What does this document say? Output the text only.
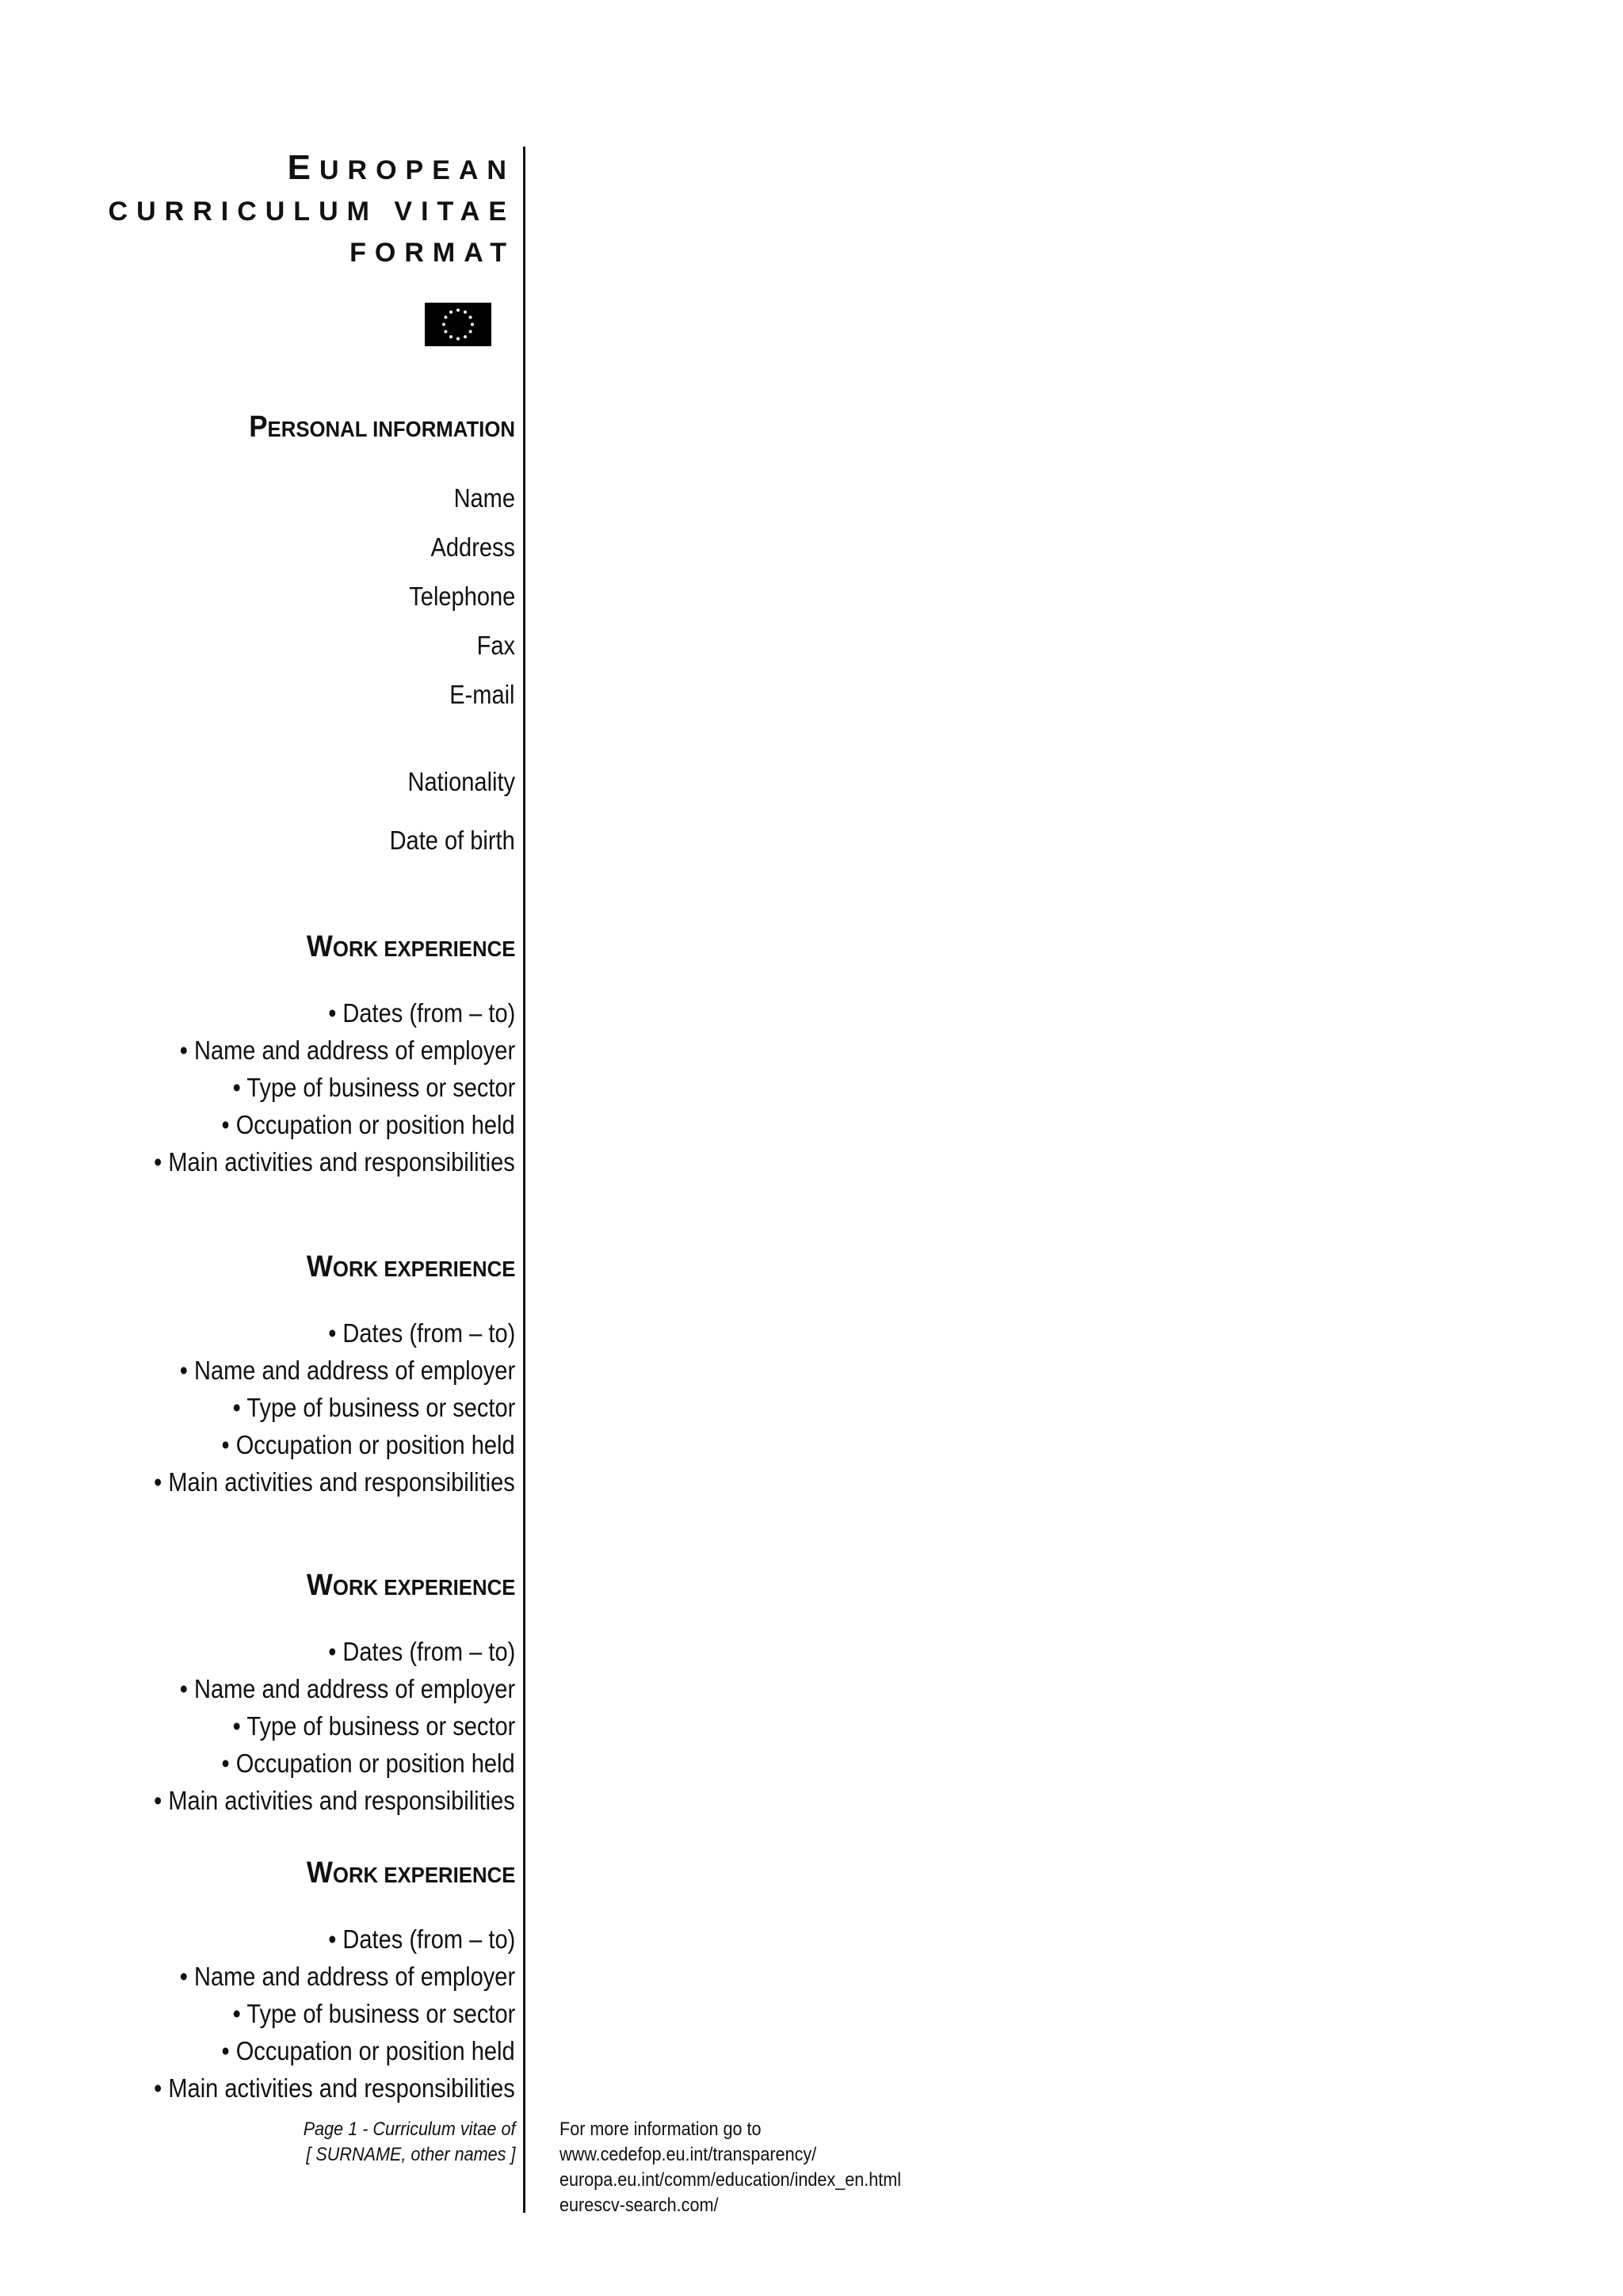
EUROPEAN
CURRICULUM VITAE
FORMAT
PERSONAL INFORMATION
Name
Address
Telephone
Fax
E-mail
Nationality
Date of birth
WORK EXPERIENCE
• Dates (from – to)
• Name and address of employer
• Type of business or sector
• Occupation or position held
• Main activities and responsibilities
WORK EXPERIENCE
• Dates (from – to)
• Name and address of employer
• Type of business or sector
• Occupation or position held
• Main activities and responsibilities
WORK EXPERIENCE
• Dates (from – to)
• Name and address of employer
• Type of business or sector
• Occupation or position held
• Main activities and responsibilities
WORK EXPERIENCE
• Dates (from – to)
• Name and address of employer
• Type of business or sector
• Occupation or position held
• Main activities and responsibilities
Page 1 - Curriculum vitae of
[ SURNAME, other names ]
For more information go to
www.cedefop.eu.int/transparency/
europa.eu.int/comm/education/index_en.html
eurescv-search.com/
